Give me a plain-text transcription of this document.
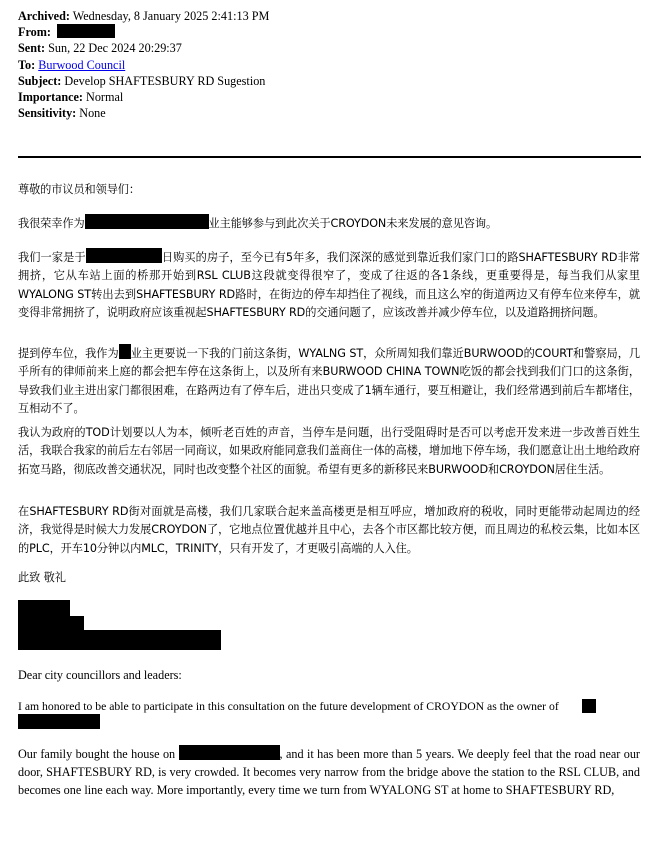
Archived: Wednesday, 8 January 2025 2:41:13 PM
From:
Sent: Sun, 22 Dec 2024 20:29:37
To: Burwood Council
Subject: Develop SHAFTESBURY RD Sugestion
Importance: Normal
Sensitivity: None
尊敬的市议员和领导们：
我很荣幸作为	业主能够参与到此次关于CROYDON未来发展的意见咨询。
我们一家是于	日购买的房子，至今已有5年多，我们深深的感觉到靠近我们家门口的路SHAFTESBURY RD非常拥挤，它从车站上面的桥那开始到RSL CLUB这段就变得很窄了，变成了往返的各1条线，更重要得是，每当我们从家里WYALONG ST转出去到SHAFTESBURY RD路时，在街边的停车却挡住了视线，而且这么窄的街道两边又有停车位来停车，就变得非常拥挤了，说明政府应该重视起SHAFTESBURY RD的交通问题了，应该改善并减少停车位，以及道路拥挤问题。
提到停车位，我作为 业主更要说一下我的门前这条街，WYALNG ST，众所周知我们靠近BURWOOD的COURT和警察局，几乎所有的律师前来上庭的都会把车停在这条街上，以及所有来BURWOOD CHINA TOWN吃饭的都会找到我们门口的这条街，导致我们业主进出家门都很困难，在路两边有了停车后，进出只变成了1辆车通行，要互相避让，我们经常遇到前后车都堵住，互相动不了。
我认为政府的TOD计划要以人为本，倾听老百姓的声音，当停车是问题，出行受阻碍时是否可以考虑开发来进一步改善百姓生活，我联合我家的前后左右邻居一同商议，如果政府能同意我们盖商住一体的高楼，增加地下停车场，我们愿意让出土地给政府拓宽马路，彻底改善交通状况，同时也改变整个社区的面貌。希望有更多的新移民来BURWOOD和CROYDON居住生活。
在SHAFTESBURY RD街对面就是高楼，我们几家联合起来盖高楼更是相互呼应，增加政府的税收，同时更能带动起周边的经济，我觉得是时候大力发展CROYDON了，它地点位置优越并且中心，去各个市区都比较方便，而且周边的私校云集，比如本区的PLC，开车10分钟以内MLC，TRINITY，只有开发了，才更吸引高端的人入住。
此致 敬礼
Dear city councillors and leaders:
I am honored to be able to participate in this consultation on the future development of CROYDON as the owner of
Our family bought the house on	, and it has been more than 5 years. We deeply feel that the road near our door, SHAFTESBURY RD, is very crowded. It becomes very narrow from the bridge above the station to the RSL CLUB, and becomes one line each way. More importantly, every time we turn from WYALONG ST at home to SHAFTESBURY RD,
